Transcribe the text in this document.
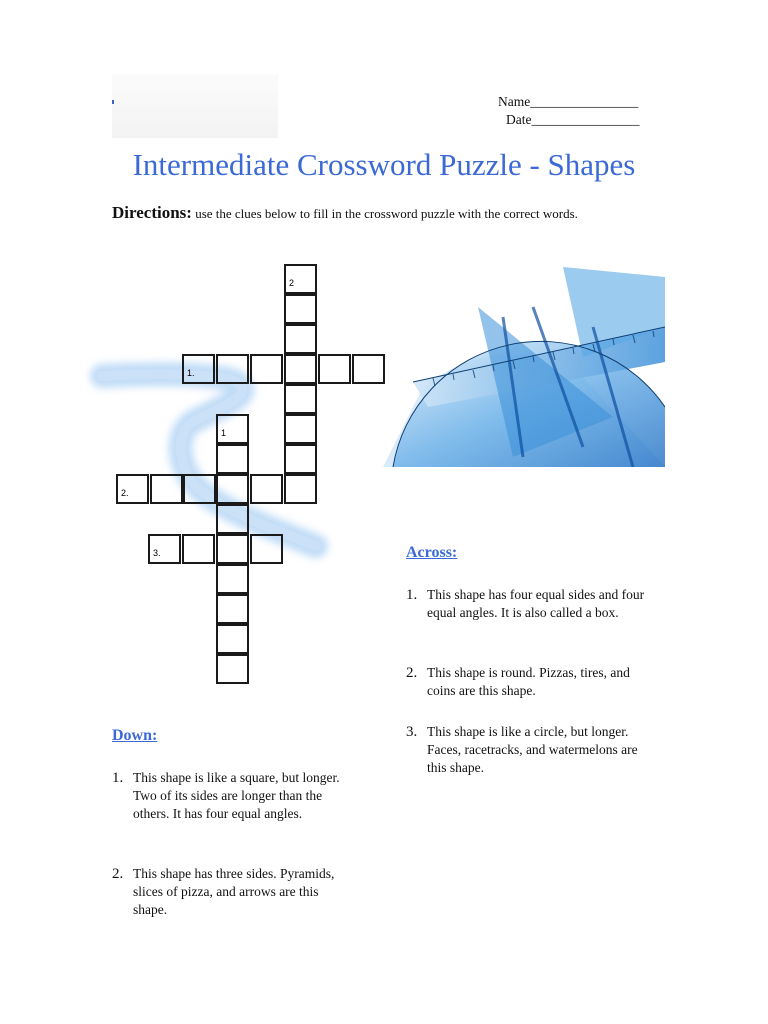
Name________________
Date________________
Intermediate Crossword Puzzle - Shapes
Directions: use the clues below to fill in the crossword puzzle with the correct words.
2
1.
1
2.
3.	Across:
1. This shape has four equal sides and four equal angles. It is also called a box.
2. This shape is round. Pizzas, tires, and coins are this shape.
3. This shape is like a circle, but longer. Faces, racetracks, and watermelons are this shape.
Down:
1. This shape is like a square, but longer. Two of its sides are longer than the others. It has four equal angles.
2. This shape has three sides. Pyramids, slices of pizza, and arrows are this shape.
